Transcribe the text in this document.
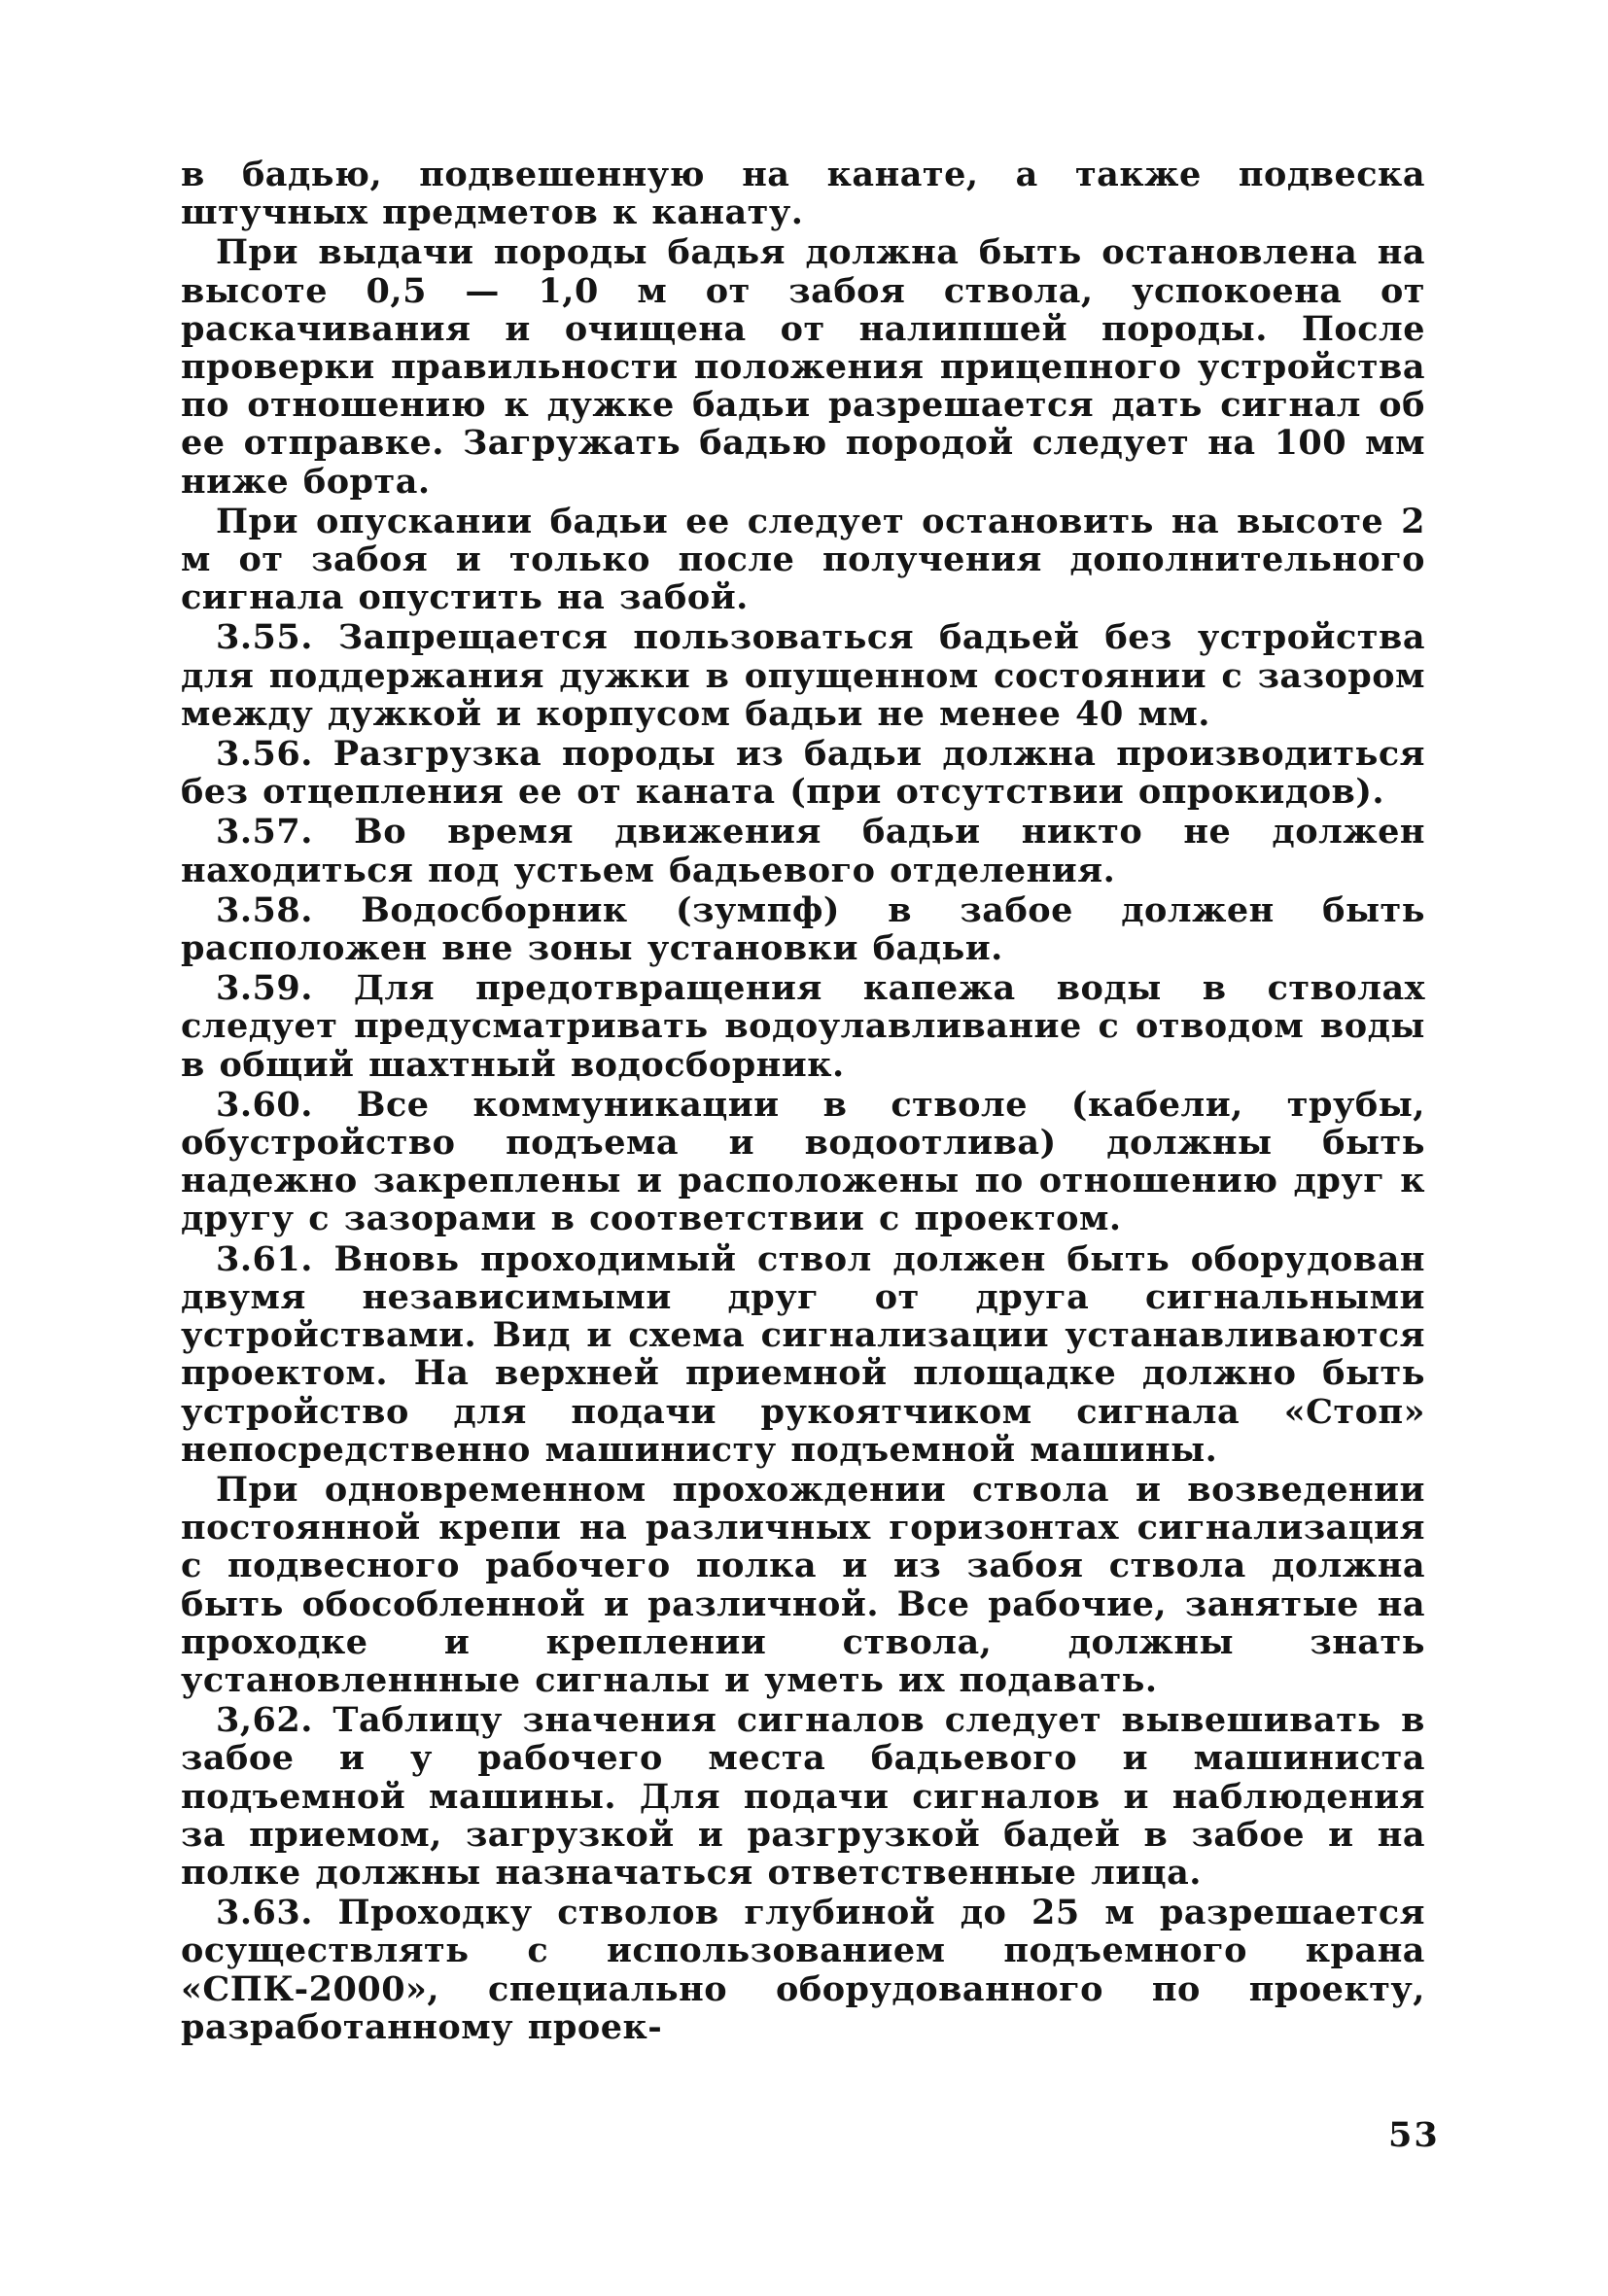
в бадью, подвешенную на канате, а также подвеска штучных предметов к канату.

При выдачи породы бадья должна быть остановлена на высоте 0,5 — 1,0 м от забоя ствола, успокоена от раскачивания и очищена от налипшей породы. После проверки правильности положения прицепного устройства по отношению к дужке бадьи разрешается дать сигнал об ее отправке. Загружать бадью породой следует на 100 мм ниже борта.

При опускании бадьи ее следует остановить на высоте 2 м от забоя и только после получения дополнительного сигнала опустить на забой.

3.55. Запрещается пользоваться бадьей без устройства для поддержания дужки в опущенном состоянии с зазором между дужкой и корпусом бадьи не менее 40 мм.

3.56. Разгрузка породы из бадьи должна производиться без отцепления ее от каната (при отсутствии опрокидов).

3.57. Во время движения бадьи никто не должен находиться под устьем бадьевого отделения.

3.58. Водосборник (зумпф) в забое должен быть расположен вне зоны установки бадьи.

3.59. Для предотвращения капежа воды в стволах следует предусматривать водоулавливание с отводом воды в общий шахтный водосборник.

3.60. Все коммуникации в стволе (кабели, трубы, обустройство подъема и водоотлива) должны быть надежно закреплены и расположены по отношению друг к другу с зазорами в соответствии с проектом.

3.61. Вновь проходимый ствол должен быть оборудован двумя независимыми друг от друга сигнальными устройствами. Вид и схема сигнализации устанавливаются проектом. На верхней приемной площадке должно быть устройство для подачи рукоятчиком сигнала «Стоп» непосредственно машинисту подъемной машины.

При одновременном прохождении ствола и возведении постоянной крепи на различных горизонтах сигнализация с подвесного рабочего полка и из забоя ствола должна быть обособленной и различной. Все рабочие, занятые на проходке и креплении ствола, должны знать установленнные сигналы и уметь их подавать.

3,62. Таблицу значения сигналов следует вывешивать в забое и у рабочего места бадьевого и машиниста подъемной машины. Для подачи сигналов и наблюдения за приемом, загрузкой и разгрузкой бадей в забое и на полке должны назначаться ответственные лица.

3.63. Проходку стволов глубиной до 25 м разрешается осуществлять с использованием подъемного крана «СПК-2000», специально оборудованного по проекту, разработанному проек-

53
